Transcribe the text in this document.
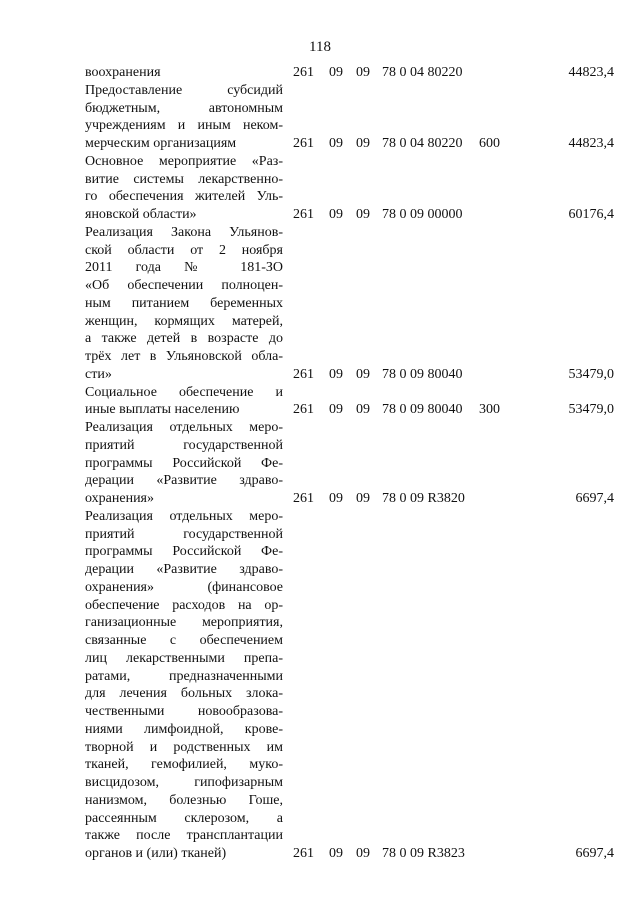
118
воохранения	261 09 09 78 0 04 80220	44823,4
Предоставление субсидий
бюджетным, автономным
учреждениям и иным неком-
мерческим организациям	261 09 09 78 0 04 80220 600	44823,4
Основное мероприятие «Раз-
витие системы лекарственно-
го обеспечения жителей Уль-
яновской области»	261 09 09 78 0 09 00000	60176,4
Реализация Закона Ульянов-
ской области от 2 ноября
2011 года № 181-ЗО
«Об обеспечении полноцен-
ным питанием беременных
женщин, кормящих матерей,
а также детей в возрасте до
трёх лет в Ульяновской обла-
сти»	261 09 09 78 0 09 80040	53479,0
Социальное обеспечение и
иные выплаты населению	261 09 09 78 0 09 80040 300	53479,0
Реализация отдельных меро-
приятий государственной
программы Российской Фе-
дерации «Развитие здраво-
охранения»	261 09 09 78 0 09 R3820	6697,4
Реализация отдельных меро-
приятий государственной
программы Российской Фе-
дерации «Развитие здраво-
охранения» (финансовое
обеспечение расходов на ор-
ганизационные мероприятия,
связанные с обеспечением
лиц лекарственными препа-
ратами, предназначенными
для лечения больных злока-
чественными новообразова-
ниями лимфоидной, крове-
творной и родственных им
тканей, гемофилией, муко-
висцидозом, гипофизарным
нанизмом, болезнью Гоше,
рассеянным склерозом, а
также после трансплантации
органов и (или) тканей)	261 09 09 78 0 09 R3823	6697,4
